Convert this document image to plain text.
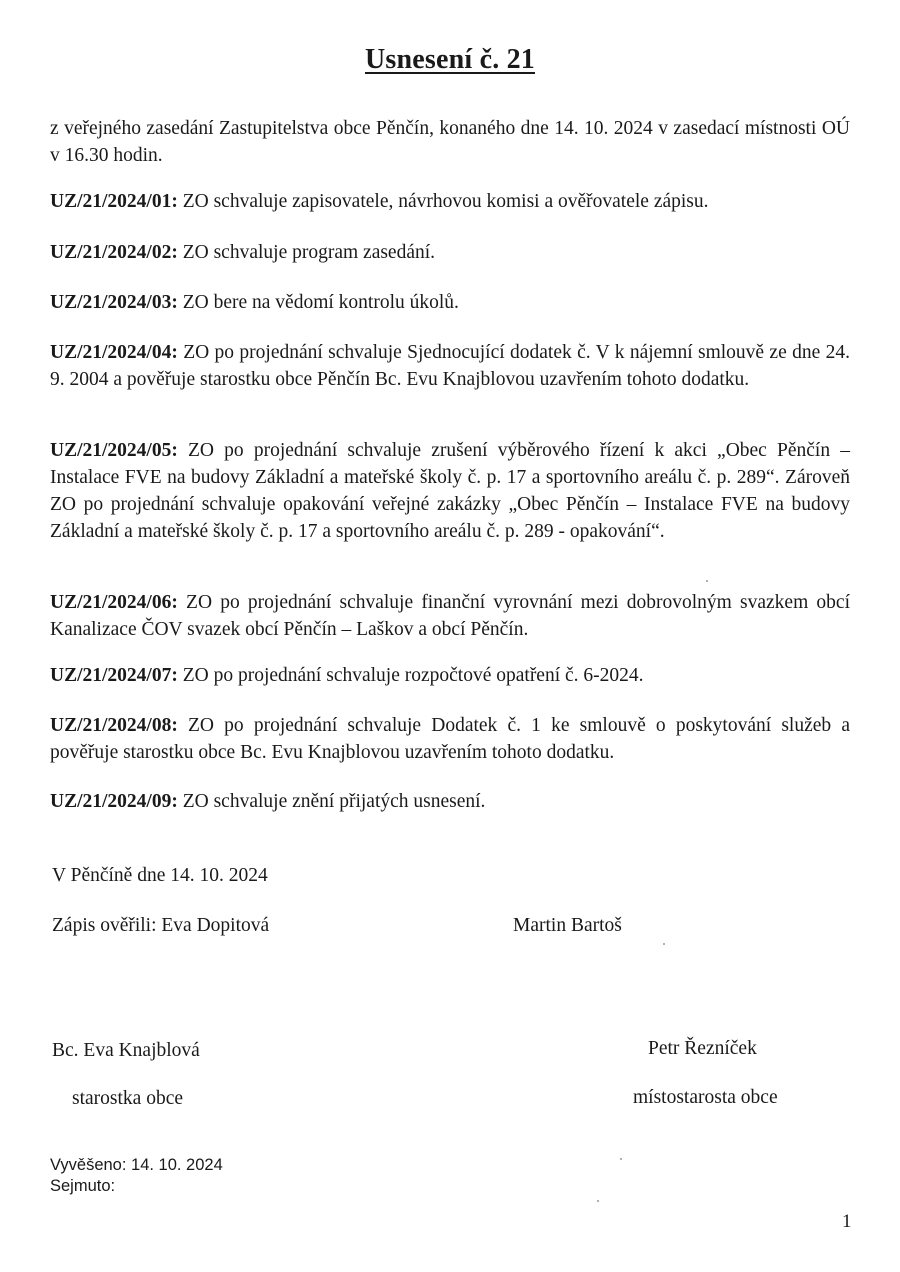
Usnesení č. 21
z veřejného zasedání Zastupitelstva obce Pěnčín, konaného dne 14. 10. 2024 v zasedací místnosti OÚ v 16.30 hodin.
UZ/21/2024/01: ZO schvaluje zapisovatele, návrhovou komisi a ověřovatele zápisu.
UZ/21/2024/02: ZO schvaluje program zasedání.
UZ/21/2024/03: ZO bere na vědomí kontrolu úkolů.
UZ/21/2024/04: ZO po projednání schvaluje Sjednocující dodatek č. V k nájemní smlouvě ze dne 24. 9. 2004 a pověřuje starostku obce Pěnčín Bc. Evu Knajblovou uzavřením tohoto dodatku.
UZ/21/2024/05: ZO po projednání schvaluje zrušení výběrového řízení k akci „Obec Pěnčín – Instalace FVE na budovy Základní a mateřské školy č. p. 17 a sportovního areálu č. p. 289“. Zároveň ZO po projednání schvaluje opakování veřejné zakázky „Obec Pěnčín – Instalace FVE na budovy Základní a mateřské školy č. p. 17 a sportovního areálu č. p. 289 - opakování“.
UZ/21/2024/06: ZO po projednání schvaluje finanční vyrovnání mezi dobrovolným svazkem obcí Kanalizace ČOV svazek obcí Pěnčín – Laškov a obcí Pěnčín.
UZ/21/2024/07: ZO po projednání schvaluje rozpočtové opatření č. 6-2024.
UZ/21/2024/08: ZO po projednání schvaluje Dodatek č. 1 ke smlouvě o poskytování služeb a pověřuje starostku obce Bc. Evu Knajblovou uzavřením tohoto dodatku.
UZ/21/2024/09: ZO schvaluje znění přijatých usnesení.
V Pěnčíně dne 14. 10. 2024
Zápis ověřili: Eva Dopitová	Martin Bartoš
Bc. Eva Knajblová
starostka obce
Petr Řezníček
místostarosta obce
Vyvěšeno: 14. 10. 2024
Sejmuto:
1
